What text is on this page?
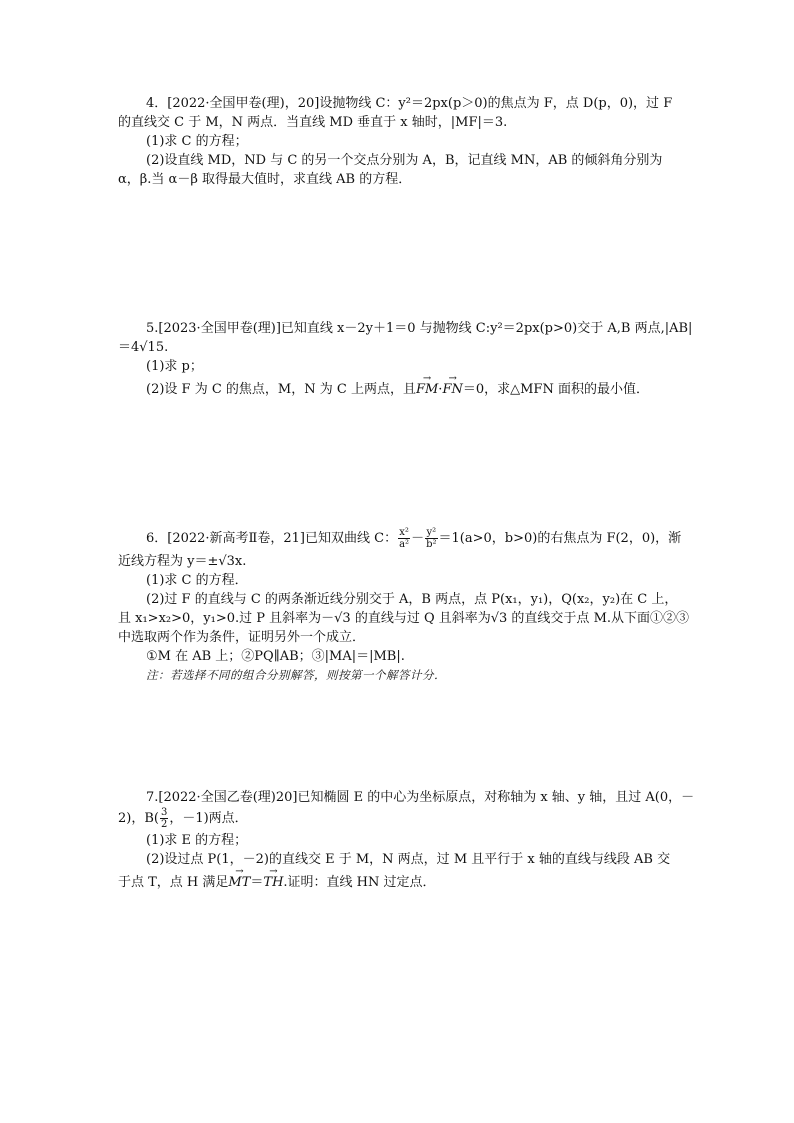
4．[2022·全国甲卷(理)，20]设抛物线 C：y²＝2px(p＞0)的焦点为 F，点 D(p，0)，过 F
的直线交 C 于 M，N 两点．当直线 MD 垂直于 x 轴时，|MF|＝3.
(1)求 C 的方程；
(2)设直线 MD，ND 与 C 的另一个交点分别为 A，B，记直线 MN，AB 的倾斜角分别为
α，β.当 α－β 取得最大值时，求直线 AB 的方程．
5.[2023·全国甲卷(理)]已知直线 x－2y＋1＝0 与抛物线 C:y²＝2px(p>0)交于 A,B 两点,|AB|
＝4√15.
(1)求 p；
(2)设 F 为 C 的焦点，M，N 为 C 上两点，且→ FM·→ FN＝0，求△MFN 面积的最小值．
6．[2022·新高考Ⅱ卷，21]已知双曲线 C： $\frac{\text{x²}}{\text{a²}} - \frac{\text{y²}}{\text{b²}} =1(a>0$，b>0)的右焦点为 F(2，0)，渐
近线方程为 y＝±√3x.
(1)求 C 的方程．
(2)过 F 的直线与 C 的两条渐近线分别交于 A，B 两点，点 P(x₁，y₁)，Q(x₂，y₂)在 C 上，
且 x₁>x₂>0，y₁>0.过 P 且斜率为－√3 的直线与过 Q 且斜率为√3 的直线交于点 M.从下面①②③
中选取两个作为条件，证明另外一个成立．
①M 在 AB 上；②PQ∥AB；③|MA|＝|MB|.
注：若选择不同的组合分别解答，则按第一个解答计分．
7.[2022·全国乙卷(理)20]已知椭圆 E 的中心为坐标原点，对称轴为 x 轴、y 轴，且过 A(0，－
2)，$B( \frac{3}{2}$ ，－1)两点．
(1)求 E 的方程；
(2)设过点 P(1，－2)的直线交 E 于 M，N 两点，过 M 且平行于 x 轴的直线与线段 AB 交
于点 T，点 H 满足→ MT＝→ TH.证明：直线 HN 过定点．
